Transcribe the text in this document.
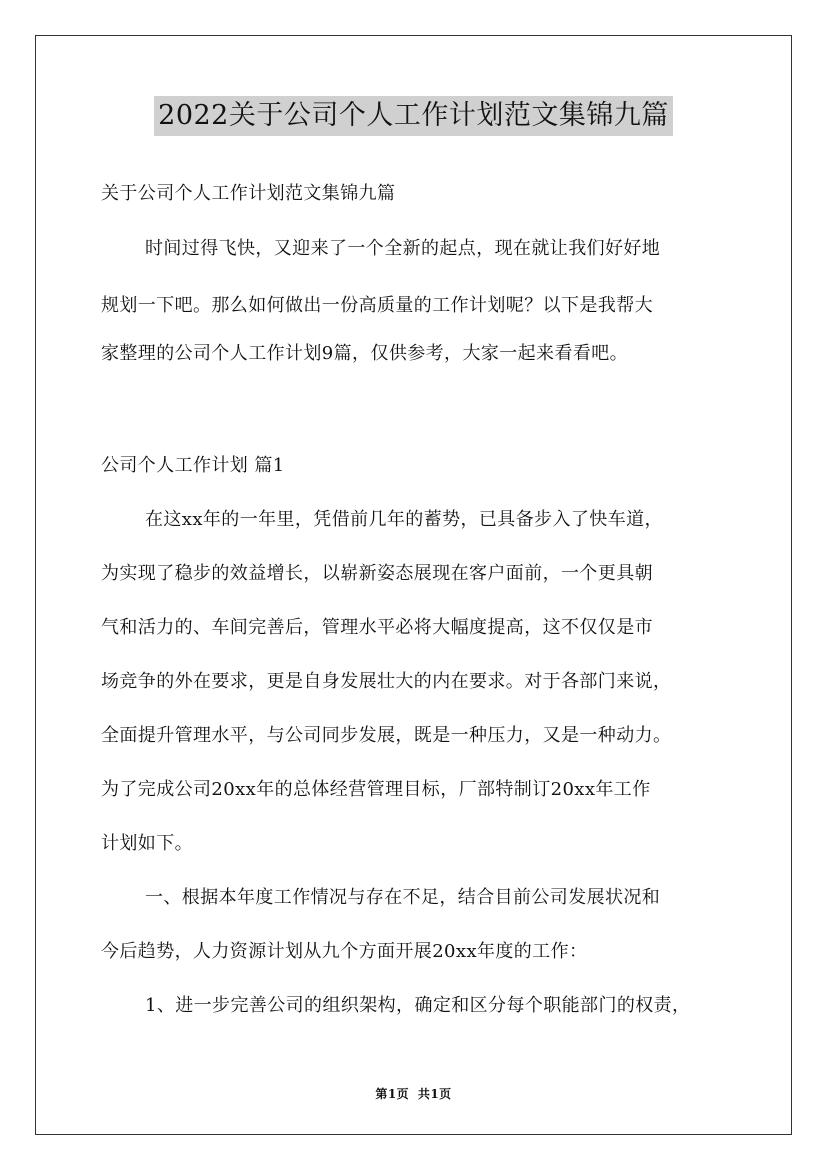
2022关于公司个人工作计划范文集锦九篇
关于公司个人工作计划范文集锦九篇
时间过得飞快，又迎来了一个全新的起点，现在就让我们好好地
规划一下吧。那么如何做出一份高质量的工作计划呢？以下是我帮大
家整理的公司个人工作计划9篇，仅供参考，大家一起来看看吧。
公司个人工作计划 篇1
在这xx年的一年里，凭借前几年的蓄势，已具备步入了快车道，
为实现了稳步的效益增长，以崭新姿态展现在客户面前，一个更具朝
气和活力的、车间完善后，管理水平必将大幅度提高，这不仅仅是市
场竞争的外在要求，更是自身发展壮大的内在要求。对于各部门来说，
全面提升管理水平，与公司同步发展，既是一种压力，又是一种动力。
为了完成公司20xx年的总体经营管理目标，厂部特制订20xx年工作
计划如下。
一、根据本年度工作情况与存在不足，结合目前公司发展状况和
今后趋势，人力资源计划从九个方面开展20xx年度的工作：
1、进一步完善公司的组织架构，确定和区分每个职能部门的权责，
第1页 共1页
